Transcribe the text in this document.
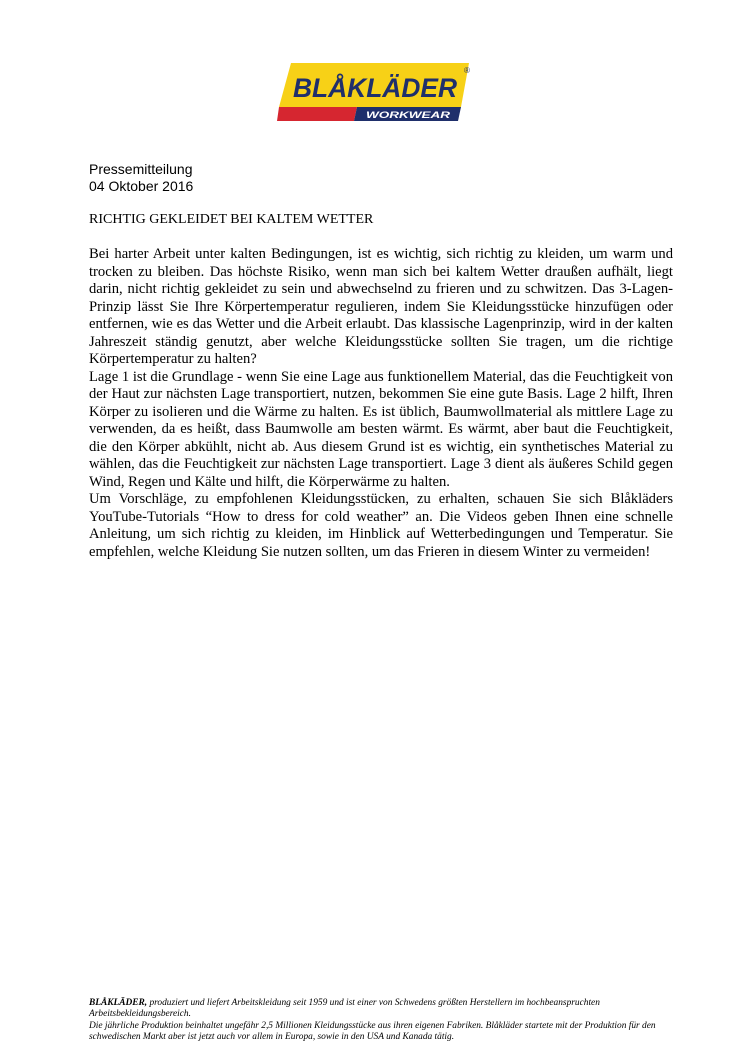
BLÅKLÄDER
®
WORKWEAR
Pressemitteilung
04 Oktober 2016
RICHTIG GEKLEIDET BEI KALTEM WETTER

Bei harter Arbeit unter kalten Bedingungen, ist es wichtig, sich richtig zu kleiden, um warm und trocken zu bleiben. Das höchste Risiko, wenn man sich bei kaltem Wetter draußen aufhält, liegt darin, nicht richtig gekleidet zu sein und abwechselnd zu frieren und zu schwitzen. Das 3-Lagen-Prinzip lässt Sie Ihre Körpertemperatur regulieren, indem Sie Kleidungsstücke hinzufügen oder entfernen, wie es das Wetter und die Arbeit erlaubt. Das klassische Lagenprinzip, wird in der kalten Jahreszeit ständig genutzt, aber welche Kleidungsstücke sollten Sie tragen, um die richtige Körpertemperatur zu halten?

Lage 1 ist die Grundlage - wenn Sie eine Lage aus funktionellem Material, das die Feuchtigkeit von der Haut zur nächsten Lage transportiert, nutzen, bekommen Sie eine gute Basis. Lage 2 hilft, Ihren Körper zu isolieren und die Wärme zu halten. Es ist üblich, Baumwollmaterial als mittlere Lage zu verwenden, da es heißt, dass Baumwolle am besten wärmt. Es wärmt, aber baut die Feuchtigkeit, die den Körper abkühlt, nicht ab. Aus diesem Grund ist es wichtig, ein synthetisches Material zu wählen, das die Feuchtigkeit zur nächsten Lage transportiert. Lage 3 dient als äußeres Schild gegen Wind, Regen und Kälte und hilft, die Körperwärme zu halten.

Um Vorschläge, zu empfohlenen Kleidungsstücken, zu erhalten, schauen Sie sich Blåkläders YouTube-Tutorials “How to dress for cold weather” an. Die Videos geben Ihnen eine schnelle Anleitung, um sich richtig zu kleiden, im Hinblick auf Wetterbedingungen und Temperatur. Sie empfehlen, welche Kleidung Sie nutzen sollten, um das Frieren in diesem Winter zu vermeiden!

BLÅKLÄDER, produziert und liefert Arbeitskleidung seit 1959 und ist einer von Schwedens größten Herstellern im hochbeanspruchten Arbeitsbekleidungsbereich.

Die jährliche Produktion beinhaltet ungefähr 2,5 Millionen Kleidungsstücke aus ihren eigenen Fabriken. Blåkläder startete mit der Produktion für den schwedischen Markt aber ist jetzt auch vor allem in Europa, sowie in den USA und Kanada tätig.
